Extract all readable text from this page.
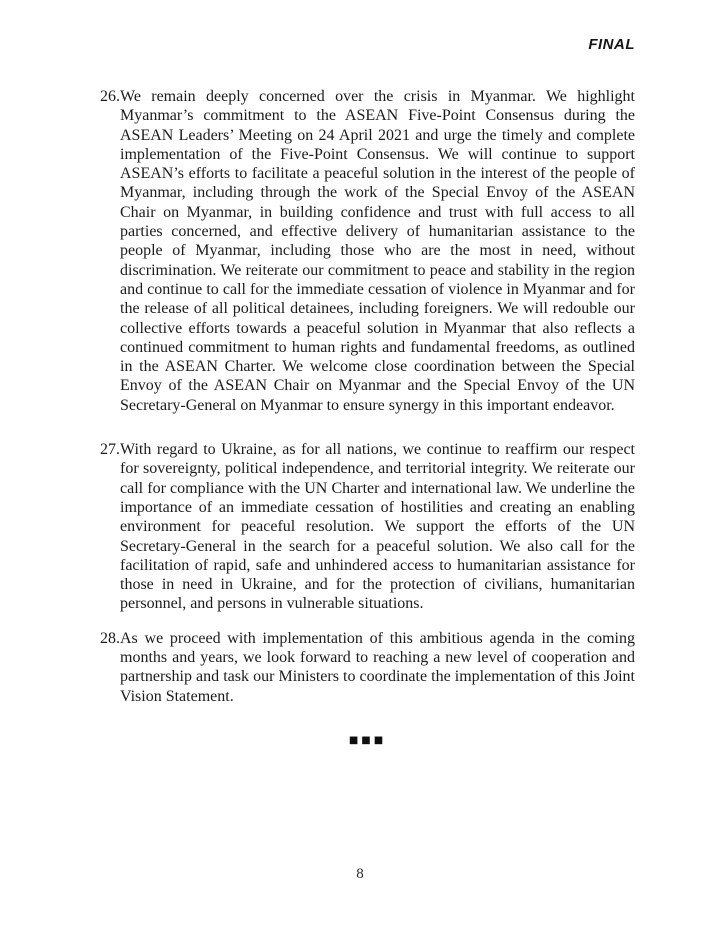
FINAL
26.We remain deeply concerned over the crisis in Myanmar. We highlight Myanmar’s commitment to the ASEAN Five-Point Consensus during the ASEAN Leaders’ Meeting on 24 April 2021 and urge the timely and complete implementation of the Five-Point Consensus. We will continue to support ASEAN’s efforts to facilitate a peaceful solution in the interest of the people of Myanmar, including through the work of the Special Envoy of the ASEAN Chair on Myanmar, in building confidence and trust with full access to all parties concerned, and effective delivery of humanitarian assistance to the people of Myanmar, including those who are the most in need, without discrimination. We reiterate our commitment to peace and stability in the region and continue to call for the immediate cessation of violence in Myanmar and for the release of all political detainees, including foreigners. We will redouble our collective efforts towards a peaceful solution in Myanmar that also reflects a continued commitment to human rights and fundamental freedoms, as outlined in the ASEAN Charter. We welcome close coordination between the Special Envoy of the ASEAN Chair on Myanmar and the Special Envoy of the UN Secretary-General on Myanmar to ensure synergy in this important endeavor.
27.With regard to Ukraine, as for all nations, we continue to reaffirm our respect for sovereignty, political independence, and territorial integrity. We reiterate our call for compliance with the UN Charter and international law. We underline the importance of an immediate cessation of hostilities and creating an enabling environment for peaceful resolution. We support the efforts of the UN Secretary-General in the search for a peaceful solution. We also call for the facilitation of rapid, safe and unhindered access to humanitarian assistance for those in need in Ukraine, and for the protection of civilians, humanitarian personnel, and persons in vulnerable situations.
28.As we proceed with implementation of this ambitious agenda in the coming months and years, we look forward to reaching a new level of cooperation and partnership and task our Ministers to coordinate the implementation of this Joint Vision Statement.
■■■
8
